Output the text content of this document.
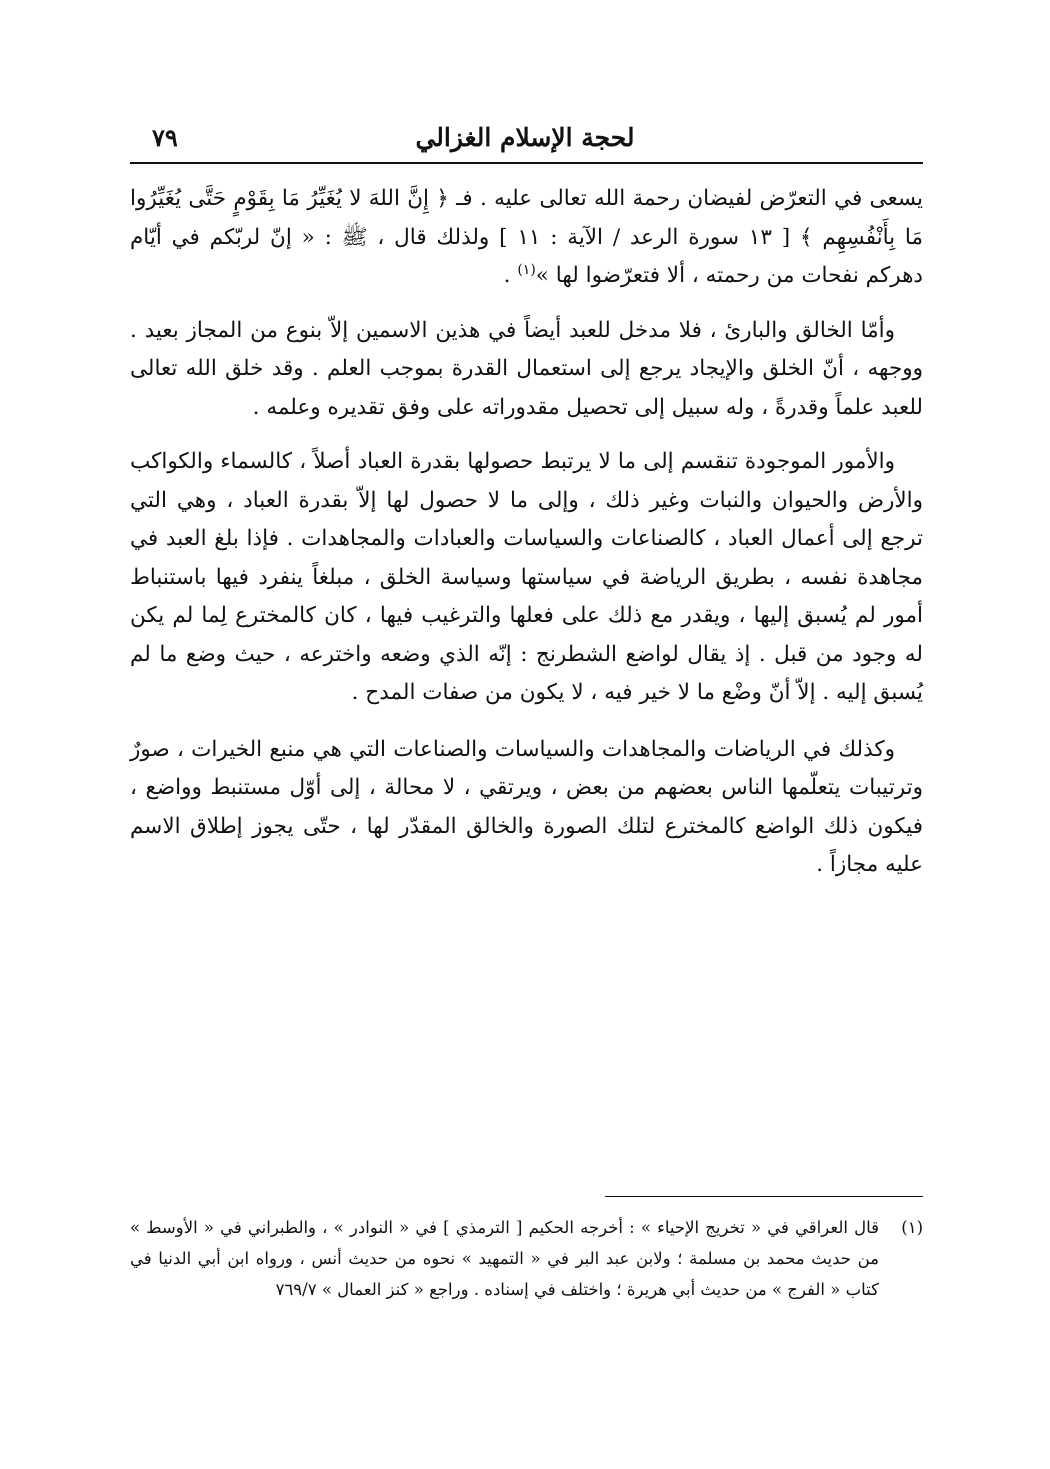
لحجة الإسلام الغزالي
٧٩

يسعى في التعرّض لفيضان رحمة الله تعالى عليه . فـ ﴿ إِنَّ اللهَ لا يُغَيِّرُ مَا بِقَوْمٍ حَتَّى يُغَيِّرُوا مَا بِأَنْفُسِهِم ﴾ [ ١٣ سورة الرعد / الآية : ١١ ] ولذلك قال ، ﷺ : « إنّ لربّكم في أيّام دهركم نفحات من رحمته ، ألا فتعرّضوا لها »$^{(١)}$ .

وأمّا الخالق والبارئ ، فلا مدخل للعبد أيضاً في هذين الاسمين إلاّ بنوع من المجاز بعيد . ووجهه ، أنّ الخلق والإيجاد يرجع إلى استعمال القدرة بموجب العلم . وقد خلق الله تعالى للعبد علماً وقدرةً ، وله سبيل إلى تحصيل مقدوراته على وفق تقديره وعلمه .

والأمور الموجودة تنقسم إلى ما لا يرتبط حصولها بقدرة العباد أصلاً ، كالسماء والكواكب والأرض والحيوان والنبات وغير ذلك ، وإلى ما لا حصول لها إلاّ بقدرة العباد ، وهي التي ترجع إلى أعمال العباد ، كالصناعات والسياسات والعبادات والمجاهدات . فإذا بلغ العبد في مجاهدة نفسه ، بطريق الرياضة في سياستها وسياسة الخلق ، مبلغاً ينفرد فيها باستنباط أمور لم يُسبق إليها ، ويقدر مع ذلك على فعلها والترغيب فيها ، كان كالمخترع لِما لم يكن له وجود من قبل . إذ يقال لواضع الشطرنج : إنّه الذي وضعه واخترعه ، حيث وضع ما لم يُسبق إليه . إلاّ أنّ وضْع ما لا خير فيه ، لا يكون من صفات المدح .

وكذلك في الرياضات والمجاهدات والسياسات والصناعات التي هي منبع الخيرات ، صورٌ وترتيبات يتعلّمها الناس بعضهم من بعض ، ويرتقي ، لا محالة ، إلى أوّل مستنبط وواضع ، فيكون ذلك الواضع كالمخترع لتلك الصورة والخالق المقدّر لها ، حتّى يجوز إطلاق الاسم عليه مجازاً .

(١)
قال العراقي في « تخريج الإحياء » : أخرجه الحكيم [ الترمذي ] في « النوادر » ، والطبراني في « الأوسط » من حديث محمد بن مسلمة ؛ ولابن عبد البر في « التمهيد » نحوه من حديث أنس ، ورواه ابن أبي الدنيا في كتاب « الفرج » من حديث أبي هريرة ؛ واختلف في إسناده . وراجع « كنز العمال » ٧٦٩/٧
